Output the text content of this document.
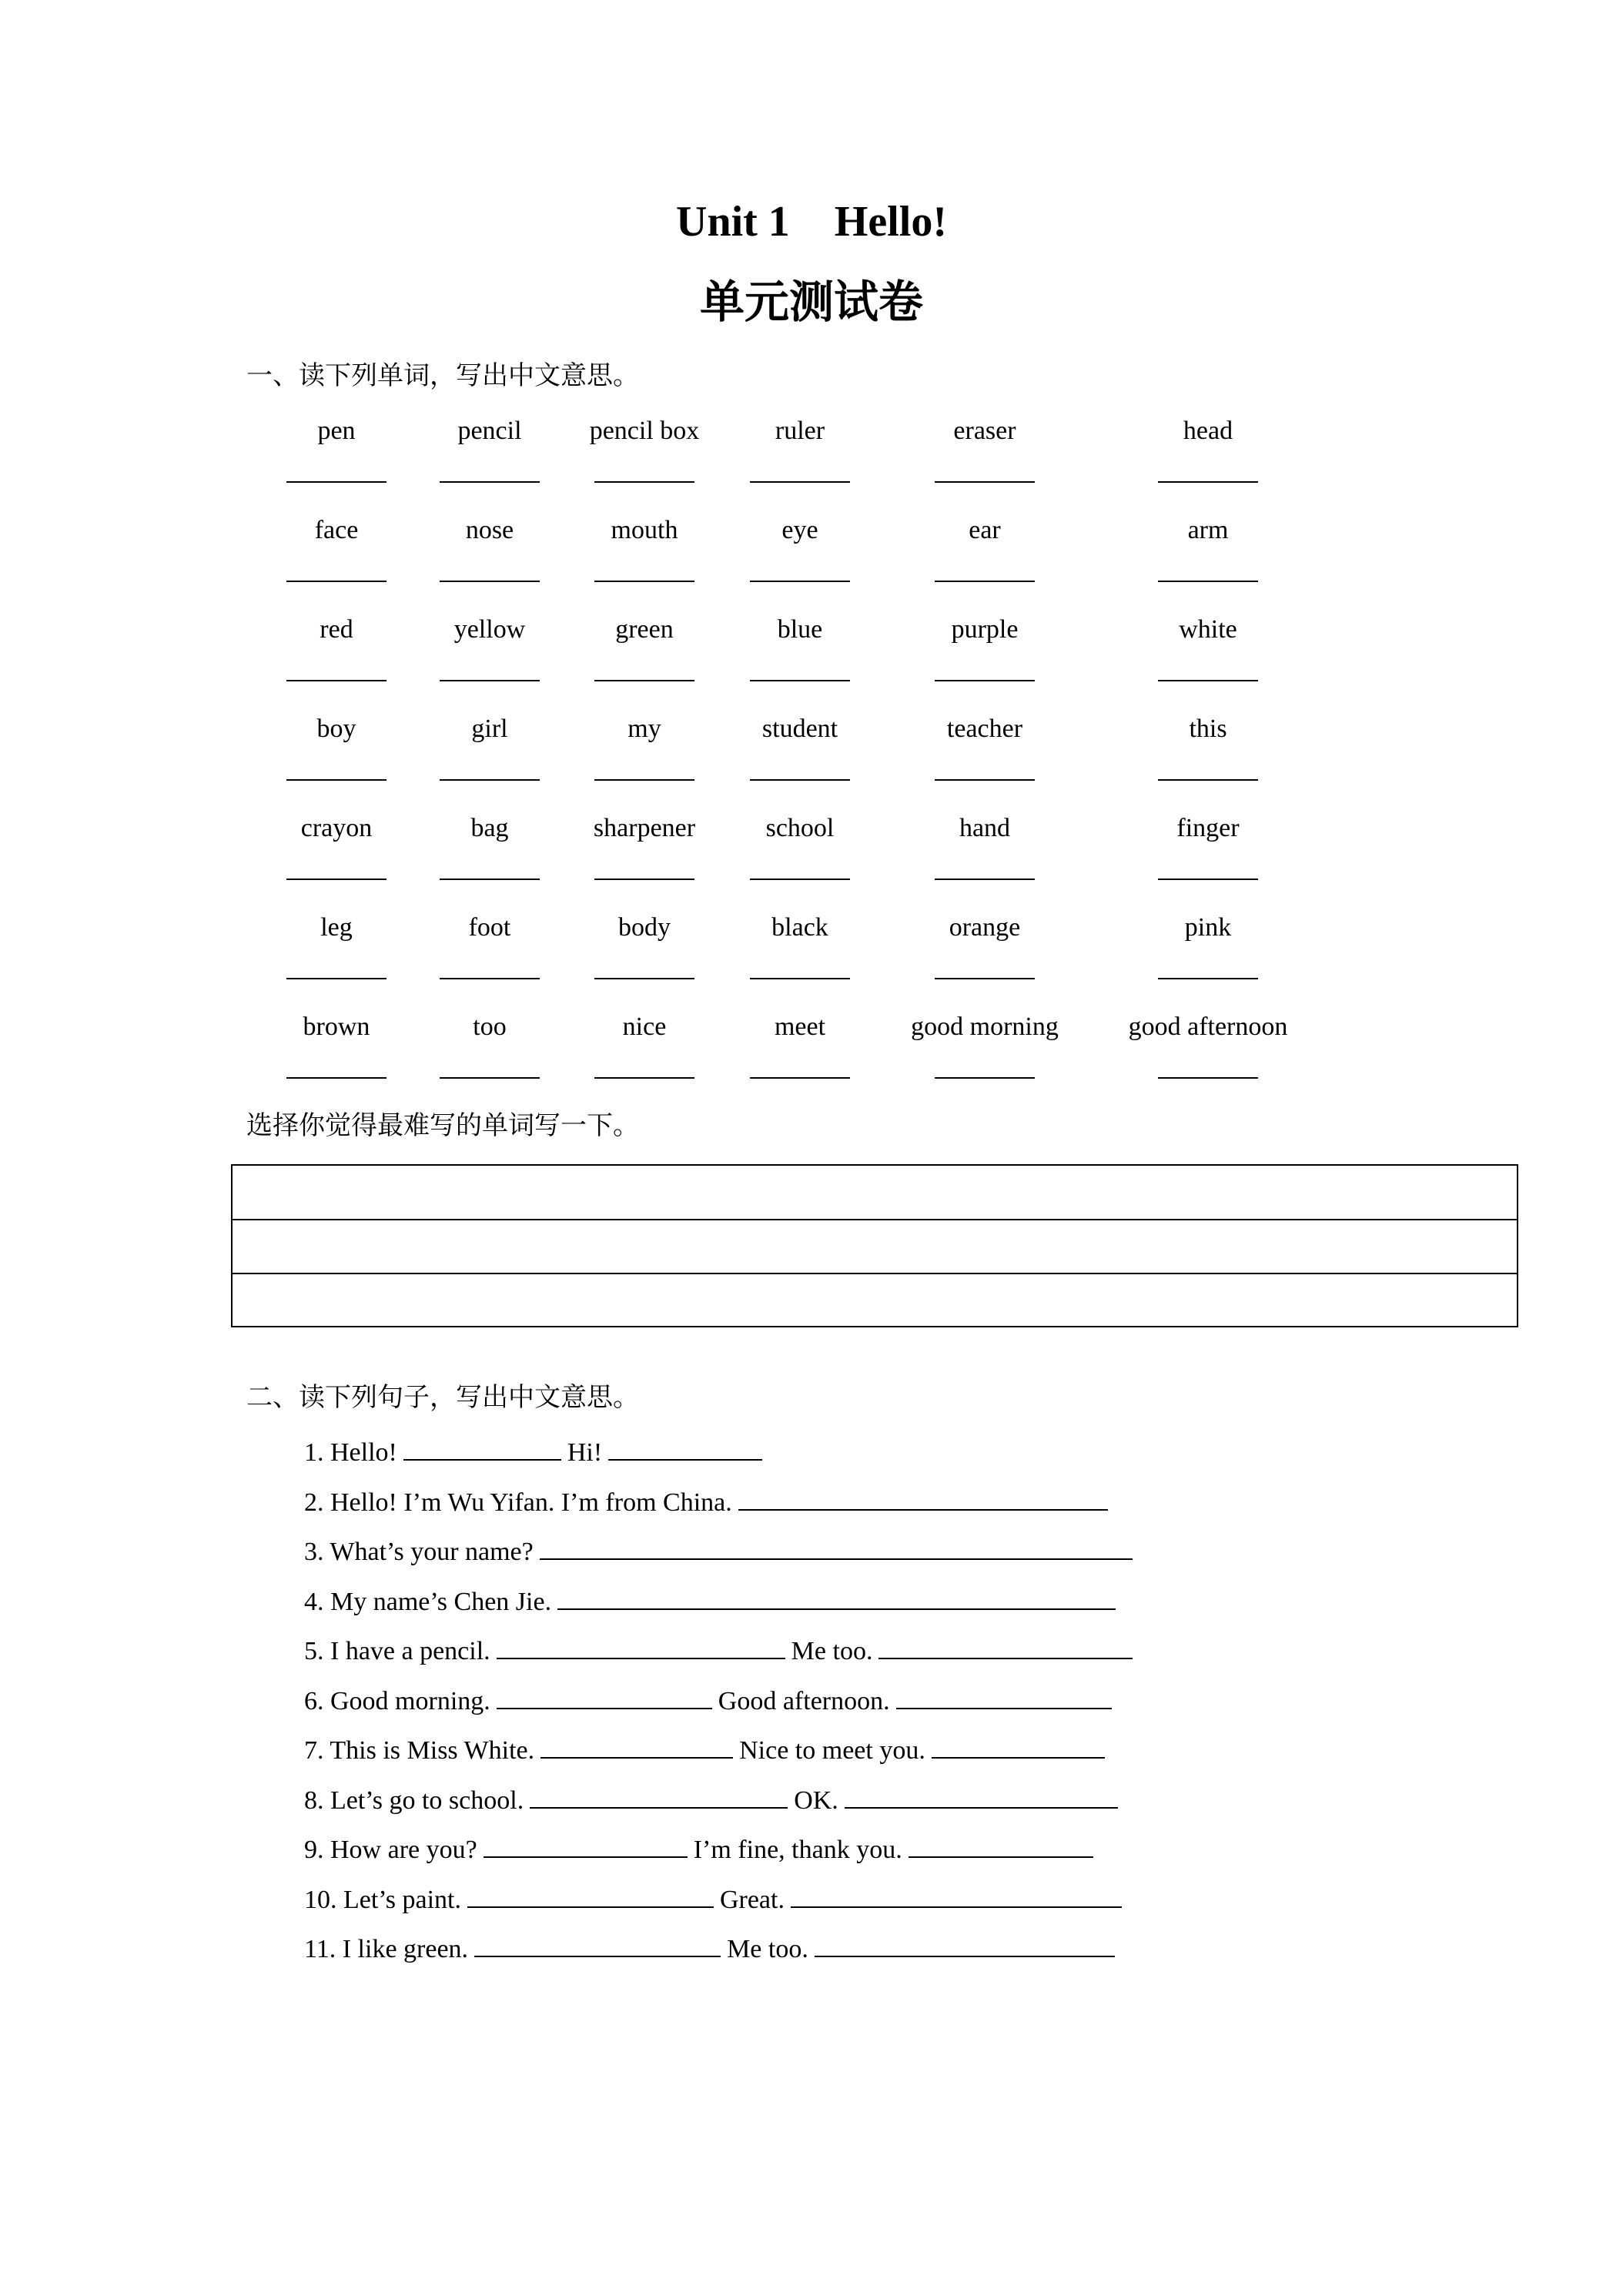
Unit 1 Hello!
单元测试卷
一、读下列单词，写出中文意思。
pen	pencil	pencil box	ruler	eraser	head
face	nose	mouth	eye	ear	arm
red	yellow	green	blue	purple	white
boy	girl	my	student	teacher	this
crayon	bag	sharpener	school	hand	finger
leg	foot	body	black	orange	pink
brown	too	nice	meet	good morning	good afternoon
选择你觉得最难写的单词写一下。
二、读下列句子，写出中文意思。
1. Hello!	Hi!
2. Hello! I’m Wu Yifan. I’m from China.
3. What’s your name?
4. My name’s Chen Jie.
5. I have a pencil.	Me too.
6. Good morning.	Good afternoon.
7. This is Miss White.	Nice to meet you.
8. Let’s go to school.	OK.
9. How are you?	I’m fine, thank you.
10. Let’s paint.	Great.
11. I like green.	Me too.
